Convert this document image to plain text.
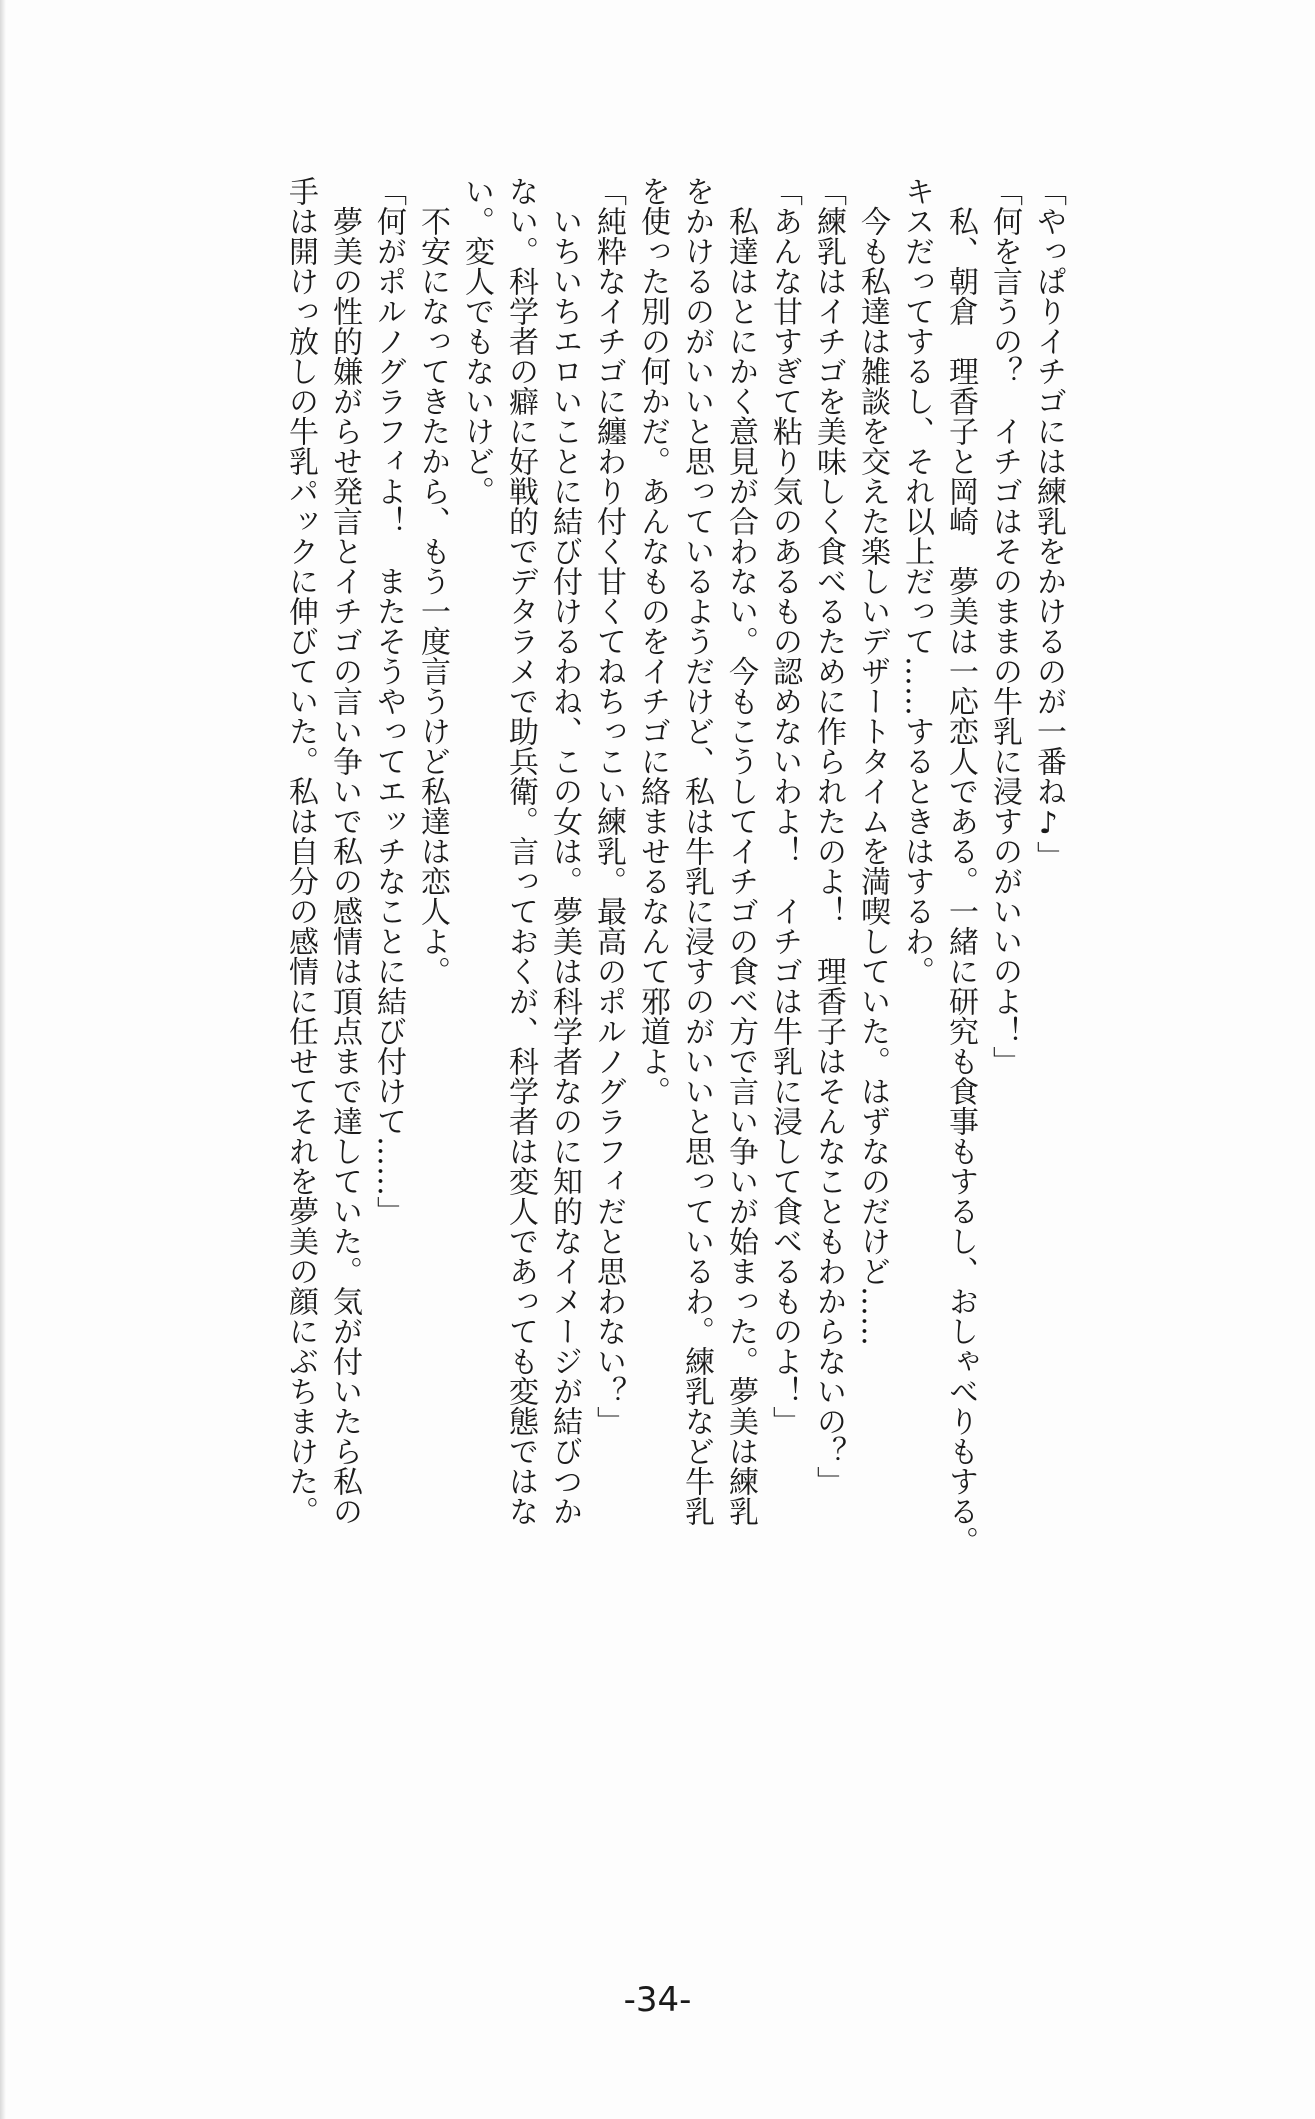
「やっぱりイチゴには練乳をかけるのが一番ね♪」
「何を言うの？　イチゴはそのままの牛乳に浸すのがいいのよ！」
　私、朝倉　理香子と岡崎　夢美は一応恋人である。一緒に研究も食事もするし、おしゃべりもする。
キスだってするし、それ以上だって……するときはするわ。
　今も私達は雑談を交えた楽しいデザートタイムを満喫していた。はずなのだけど……
「練乳はイチゴを美味しく食べるために作られたのよ！　理香子はそんなこともわからないの？」
「あんな甘すぎて粘り気のあるもの認めないわよ！　イチゴは牛乳に浸して食べるものよ！」
　私達はとにかく意見が合わない。今もこうしてイチゴの食べ方で言い争いが始まった。夢美は練乳
をかけるのがいいと思っているようだけど、私は牛乳に浸すのがいいと思っているわ。練乳など牛乳
を使った別の何かだ。あんなものをイチゴに絡ませるなんて邪道よ。
「純粋なイチゴに纏わり付く甘くてねちっこい練乳。最高のポルノグラフィだと思わない？」
　いちいちエロいことに結び付けるわね、この女は。夢美は科学者なのに知的なイメージが結びつか
ない。科学者の癖に好戦的でデタラメで助兵衛。言っておくが、科学者は変人であっても変態ではな
い。変人でもないけど。
　不安になってきたから、もう一度言うけど私達は恋人よ。
「何がポルノグラフィよ！　またそうやってエッチなことに結び付けて……」
　夢美の性的嫌がらせ発言とイチゴの言い争いで私の感情は頂点まで達していた。気が付いたら私の
手は開けっ放しの牛乳パックに伸びていた。私は自分の感情に任せてそれを夢美の顔にぶちまけた。
-34-
